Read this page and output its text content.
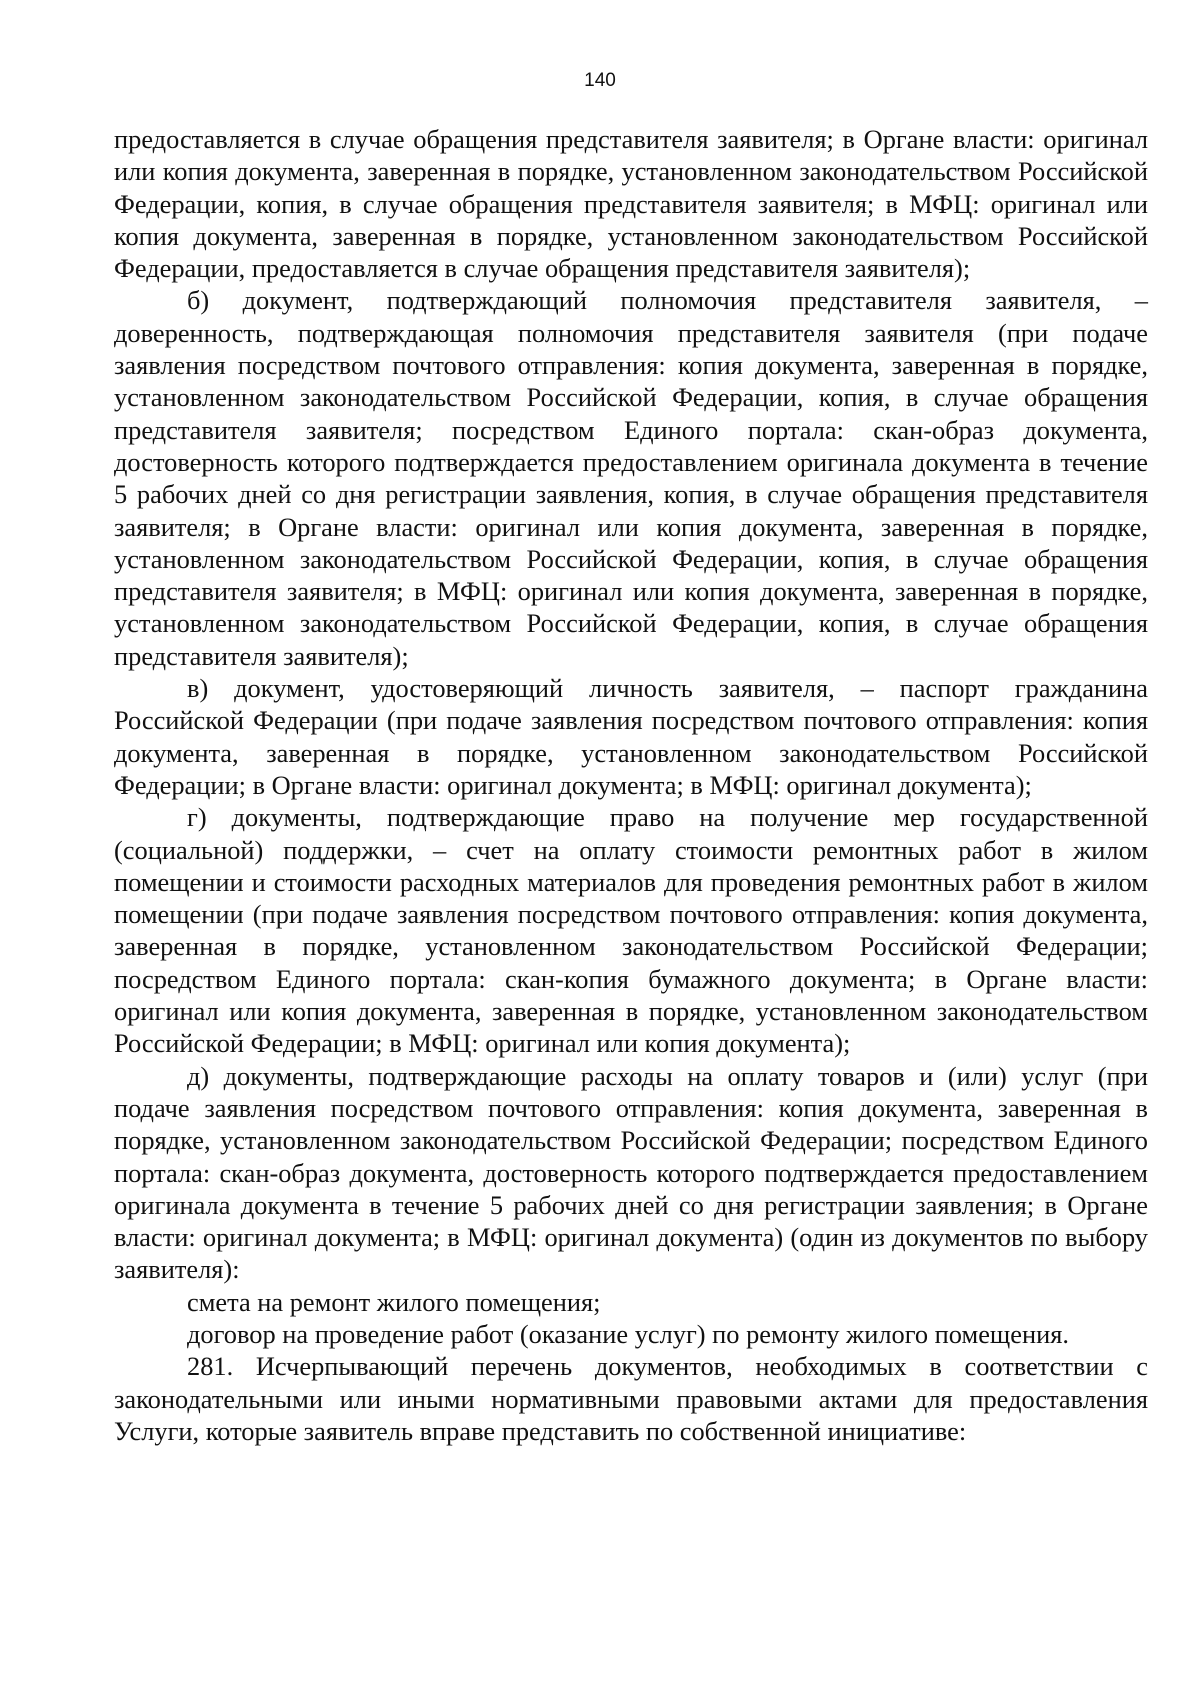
140

предоставляется в случае обращения представителя заявителя; в Органе власти: оригинал или копия документа, заверенная в порядке, установленном законодательством Российской Федерации, копия, в случае обращения представителя заявителя; в МФЦ: оригинал или копия документа, заверенная в порядке, установленном законодательством Российской Федерации, предоставляется в случае обращения представителя заявителя);

б) документ, подтверждающий полномочия представителя заявителя, – доверенность, подтверждающая полномочия представителя заявителя (при подаче заявления посредством почтового отправления: копия документа, заверенная в порядке, установленном законодательством Российской Федерации, копия, в случае обращения представителя заявителя; посредством Единого портала: скан-образ документа, достоверность которого подтверждается предоставлением оригинала документа в течение 5 рабочих дней со дня регистрации заявления, копия, в случае обращения представителя заявителя; в Органе власти: оригинал или копия документа, заверенная в порядке, установленном законодательством Российской Федерации, копия, в случае обращения представителя заявителя; в МФЦ: оригинал или копия документа, заверенная в порядке, установленном законодательством Российской Федерации, копия, в случае обращения представителя заявителя);

в) документ, удостоверяющий личность заявителя, – паспорт гражданина Российской Федерации (при подаче заявления посредством почтового отправления: копия документа, заверенная в порядке, установленном законодательством Российской Федерации; в Органе власти: оригинал документа; в МФЦ: оригинал документа);

г) документы, подтверждающие право на получение мер государственной (социальной) поддержки, – счет на оплату стоимости ремонтных работ в жилом помещении и стоимости расходных материалов для проведения ремонтных работ в жилом помещении (при подаче заявления посредством почтового отправления: копия документа, заверенная в порядке, установленном законодательством Российской Федерации; посредством Единого портала: скан-копия бумажного документа; в Органе власти: оригинал или копия документа, заверенная в порядке, установленном законодательством Российской Федерации; в МФЦ: оригинал или копия документа);

д) документы, подтверждающие расходы на оплату товаров и (или) услуг (при подаче заявления посредством почтового отправления: копия документа, заверенная в порядке, установленном законодательством Российской Федерации; посредством Единого портала: скан-образ документа, достоверность которого подтверждается предоставлением оригинала документа в течение 5 рабочих дней со дня регистрации заявления; в Органе власти: оригинал документа; в МФЦ: оригинал документа) (один из документов по выбору заявителя):

смета на ремонт жилого помещения;

договор на проведение работ (оказание услуг) по ремонту жилого помещения.

281. Исчерпывающий перечень документов, необходимых в соответствии с законодательными или иными нормативными правовыми актами для предоставления Услуги, которые заявитель вправе представить по собственной инициативе:
